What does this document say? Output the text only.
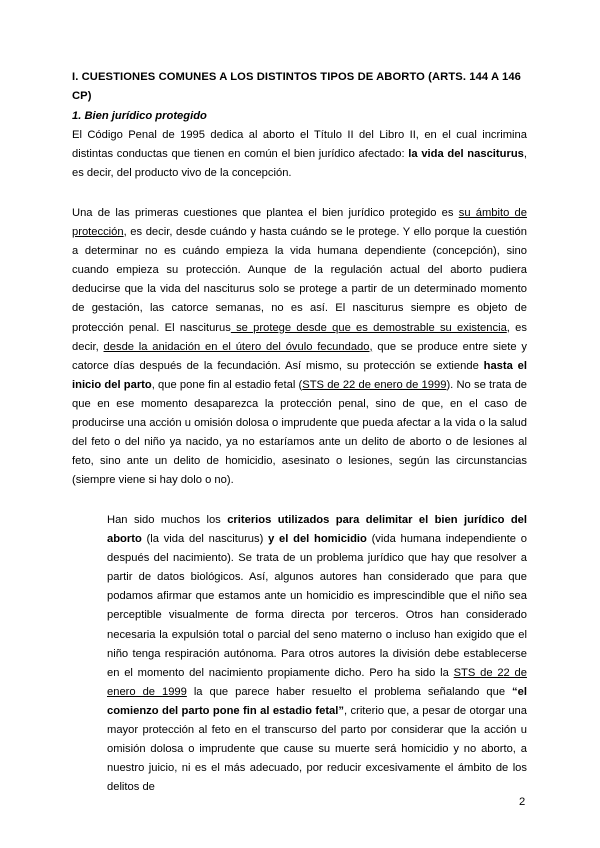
I. CUESTIONES COMUNES A LOS DISTINTOS TIPOS DE ABORTO (ARTS. 144 A 146 CP)
1. Bien jurídico protegido

El Código Penal de 1995 dedica al aborto el Título II del Libro II, en el cual incrimina distintas conductas que tienen en común el bien jurídico afectado: la vida del nasciturus, es decir, del producto vivo de la concepción.

Una de las primeras cuestiones que plantea el bien jurídico protegido es su ámbito de protección, es decir, desde cuándo y hasta cuándo se le protege. Y ello porque la cuestión a determinar no es cuándo empieza la vida humana dependiente (concepción), sino cuando empieza su protección. Aunque de la regulación actual del aborto pudiera deducirse que la vida del nasciturus solo se protege a partir de un determinado momento de gestación, las catorce semanas, no es así. El nasciturus siempre es objeto de protección penal. El nasciturus se protege desde que es demostrable su existencia, es decir, desde la anidación en el útero del óvulo fecundado, que se produce entre siete y catorce días después de la fecundación. Así mismo, su protección se extiende hasta el inicio del parto, que pone fin al estadio fetal (STS de 22 de enero de 1999). No se trata de que en ese momento desaparezca la protección penal, sino de que, en el caso de producirse una acción u omisión dolosa o imprudente que pueda afectar a la vida o la salud del feto o del niño ya nacido, ya no estaríamos ante un delito de aborto o de lesiones al feto, sino ante un delito de homicidio, asesinato o lesiones, según las circunstancias (siempre viene si hay dolo o no).

Han sido muchos los criterios utilizados para delimitar el bien jurídico del aborto (la vida del nasciturus) y el del homicidio (vida humana independiente o después del nacimiento). Se trata de un problema jurídico que hay que resolver a partir de datos biológicos. Así, algunos autores han considerado que para que podamos afirmar que estamos ante un homicidio es imprescindible que el niño sea perceptible visualmente de forma directa por terceros. Otros han considerado necesaria la expulsión total o parcial del seno materno o incluso han exigido que el niño tenga respiración autónoma. Para otros autores la división debe establecerse en el momento del nacimiento propiamente dicho. Pero ha sido la STS de 22 de enero de 1999 la que parece haber resuelto el problema señalando que “el comienzo del parto pone fin al estadio fetal”, criterio que, a pesar de otorgar una mayor protección al feto en el transcurso del parto por considerar que la acción u omisión dolosa o imprudente que cause su muerte será homicidio y no aborto, a nuestro juicio, ni es el más adecuado, por reducir excesivamente el ámbito de los delitos de

2
